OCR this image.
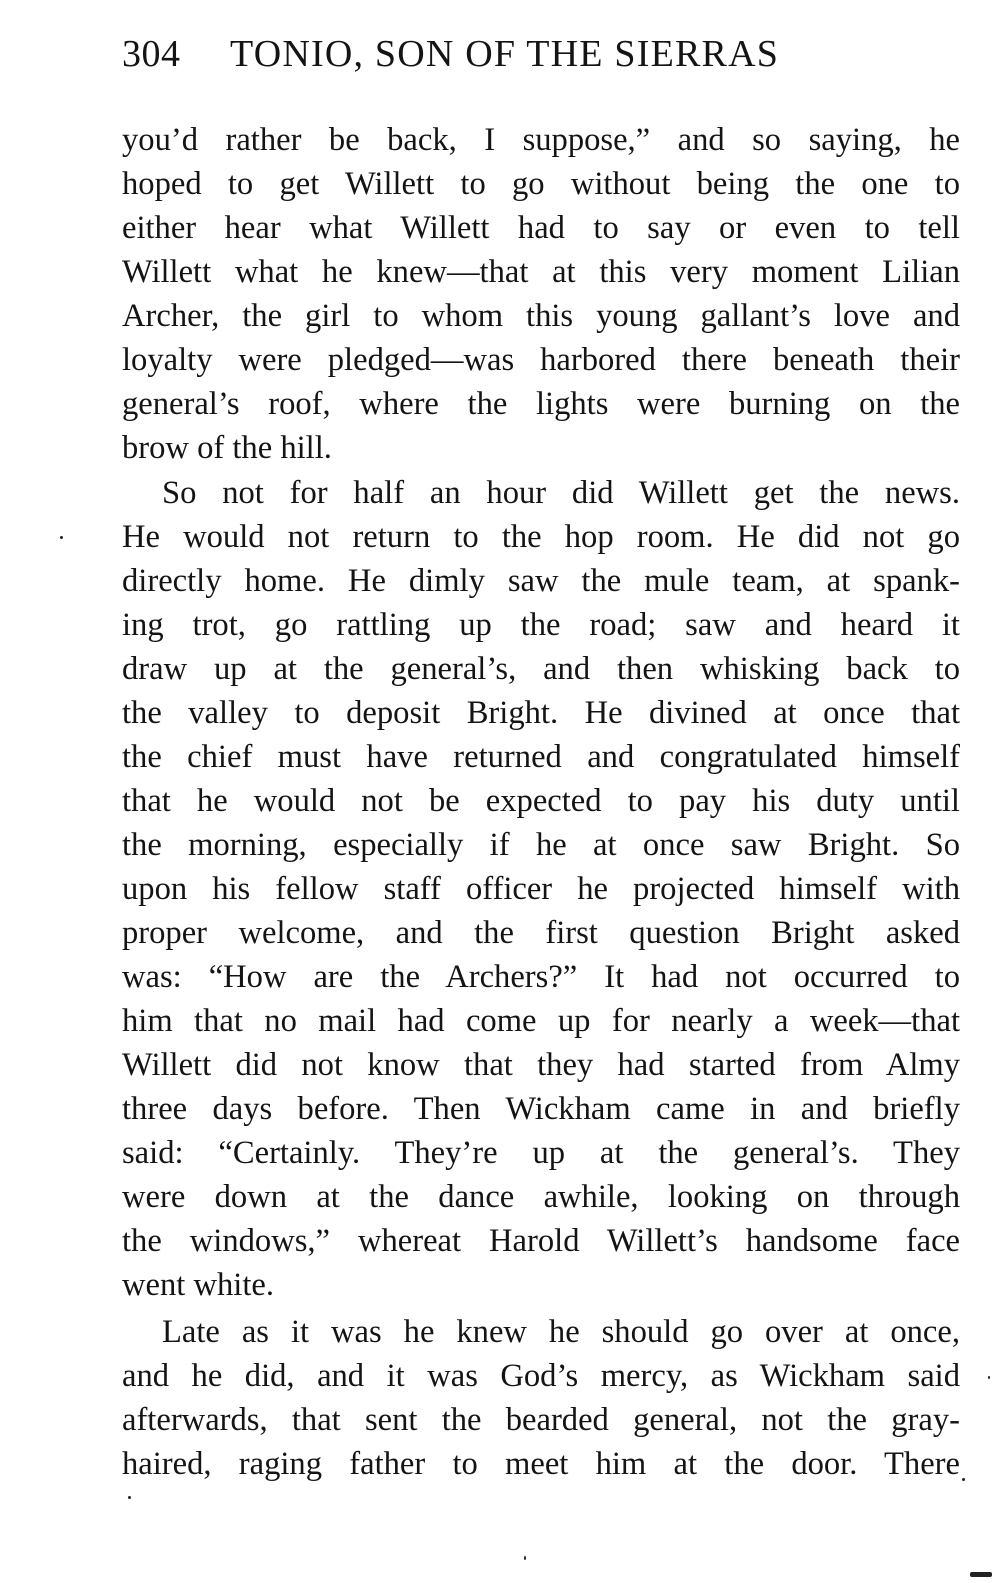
304 TONIO, SON OF THE SIERRAS
you’d rather be back, I suppose,” and so saying, he
hoped to get Willett to go without being the one to
either hear what Willett had to say or even to tell
Willett what he knew—that at this very moment Lilian
Archer, the girl to whom this young gallant’s love and
loyalty were pledged—was harbored there beneath their
general’s roof, where the lights were burning on the
brow of the hill.
So not for half an hour did Willett get the news.
He would not return to the hop room. He did not go
directly home. He dimly saw the mule team, at spank-
ing trot, go rattling up the road; saw and heard it
draw up at the general’s, and then whisking back to
the valley to deposit Bright. He divined at once that
the chief must have returned and congratulated himself
that he would not be expected to pay his duty until
the morning, especially if he at once saw Bright. So
upon his fellow staff officer he projected himself with
proper welcome, and the first question Bright asked
was: “How are the Archers?” It had not occurred to
him that no mail had come up for nearly a week—that
Willett did not know that they had started from Almy
three days before. Then Wickham came in and briefly
said: “Certainly. They’re up at the general’s. They
were down at the dance awhile, looking on through
the windows,” whereat Harold Willett’s handsome face
went white.
Late as it was he knew he should go over at once,
and he did, and it was God’s mercy, as Wickham said
afterwards, that sent the bearded general, not the gray-
haired, raging father to meet him at the door. There
